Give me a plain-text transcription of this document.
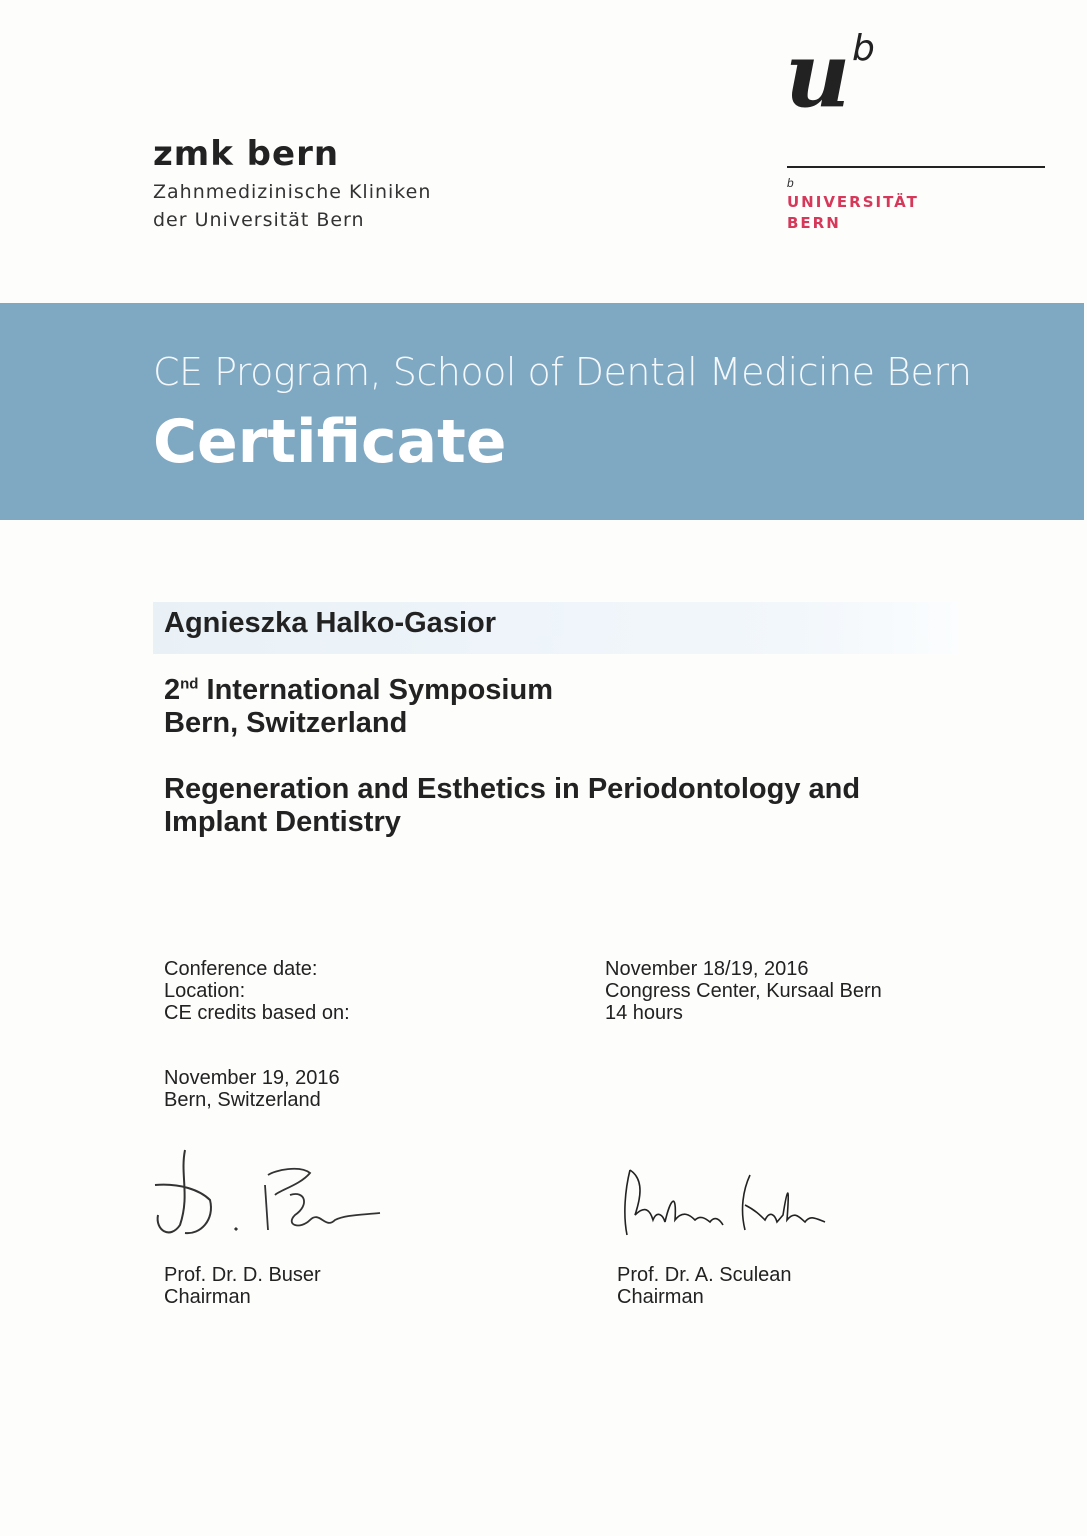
zmk bern
Zahnmedizinische Kliniken
der Universität Bern
u b
b
UNIVERSITÄT
BERN
CE Program, School of Dental Medicine Bern
Certificate
Agnieszka Halko-Gasior
2nd International Symposium
Bern, Switzerland
Regeneration and Esthetics in Periodontology and
Implant Dentistry
Conference date:
Location:
CE credits based on:
November 18/19, 2016
Congress Center, Kursaal Bern
14 hours
November 19, 2016
Bern, Switzerland
Prof. Dr. D. Buser
Chairman
Prof. Dr. A. Sculean
Chairman
